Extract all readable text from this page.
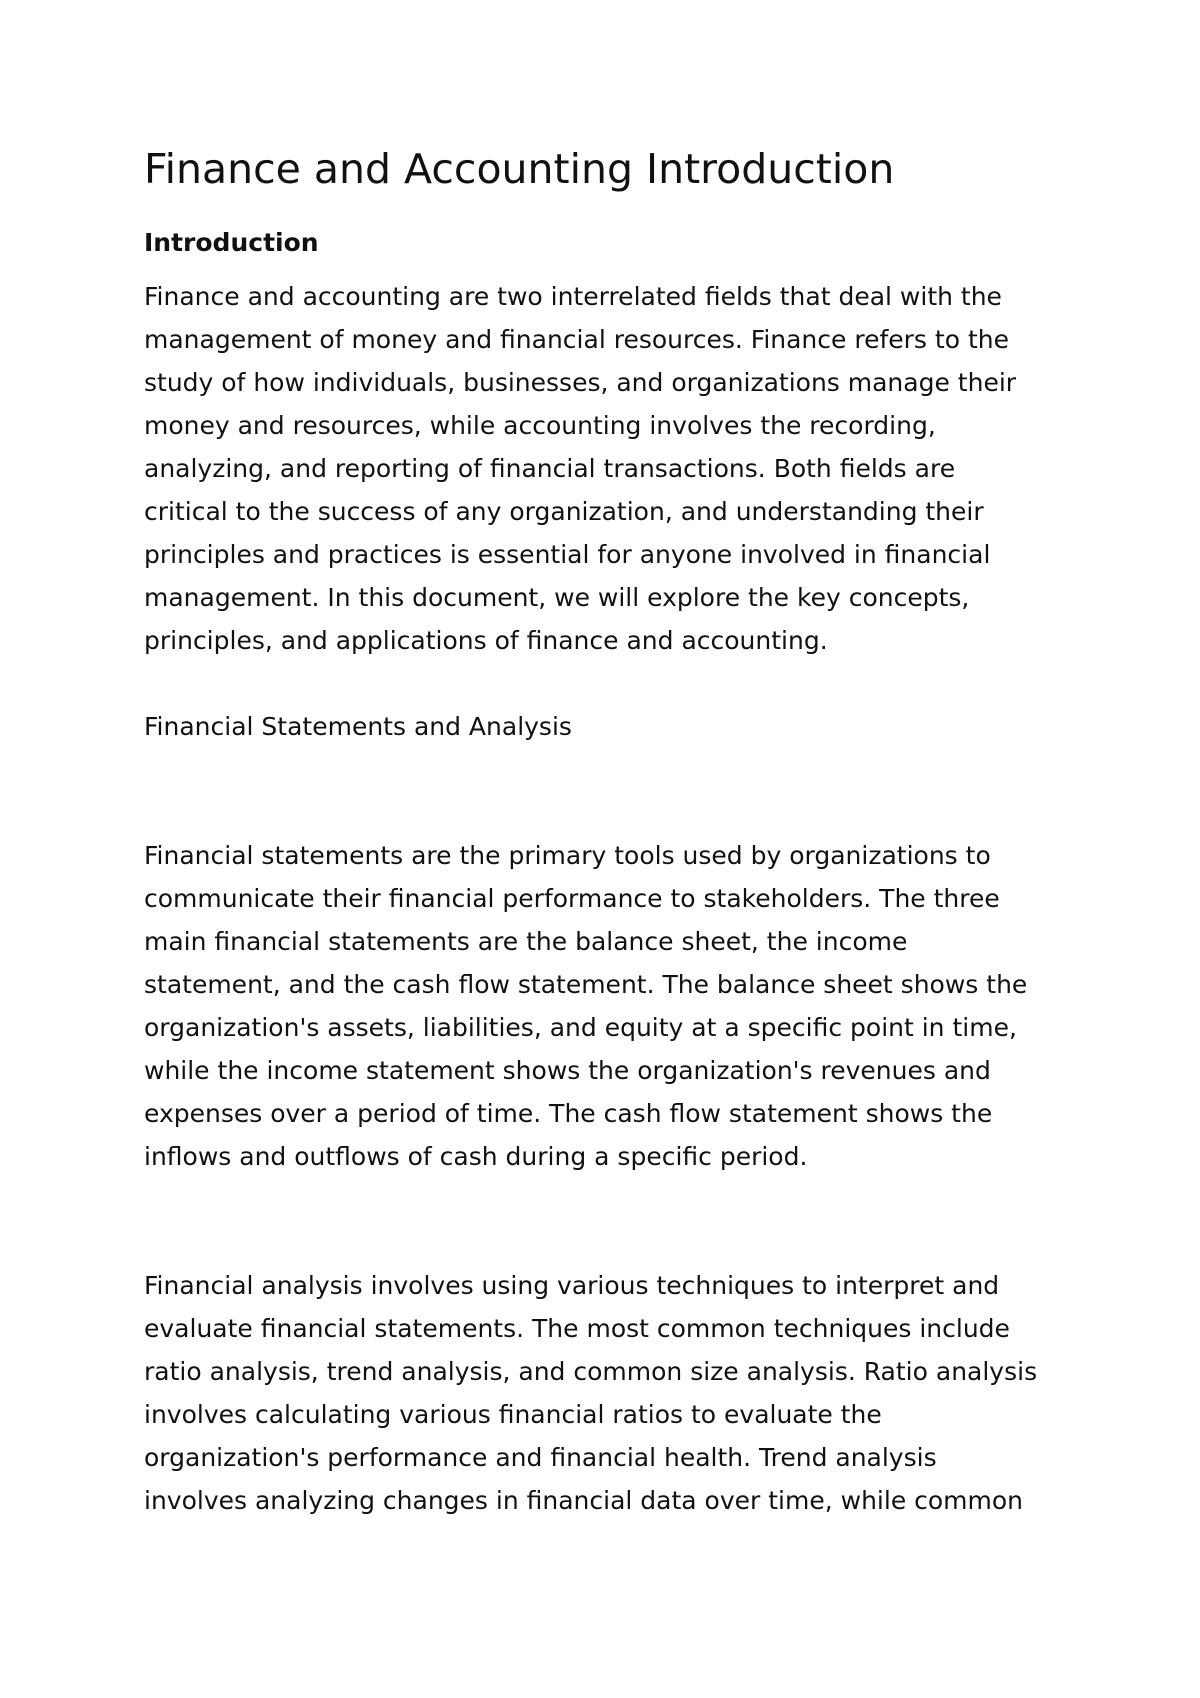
Finance and Accounting Introduction
Introduction
Finance and accounting are two interrelated fields that deal with the
management of money and financial resources. Finance refers to the
study of how individuals, businesses, and organizations manage their
money and resources, while accounting involves the recording,
analyzing, and reporting of financial transactions. Both fields are
critical to the success of any organization, and understanding their
principles and practices is essential for anyone involved in financial
management. In this document, we will explore the key concepts,
principles, and applications of finance and accounting.
Financial Statements and Analysis
Financial statements are the primary tools used by organizations to
communicate their financial performance to stakeholders. The three
main financial statements are the balance sheet, the income
statement, and the cash flow statement. The balance sheet shows the
organization's assets, liabilities, and equity at a specific point in time,
while the income statement shows the organization's revenues and
expenses over a period of time. The cash flow statement shows the
inflows and outflows of cash during a specific period.
Financial analysis involves using various techniques to interpret and
evaluate financial statements. The most common techniques include
ratio analysis, trend analysis, and common size analysis. Ratio analysis
involves calculating various financial ratios to evaluate the
organization's performance and financial health. Trend analysis
involves analyzing changes in financial data over time, while common
